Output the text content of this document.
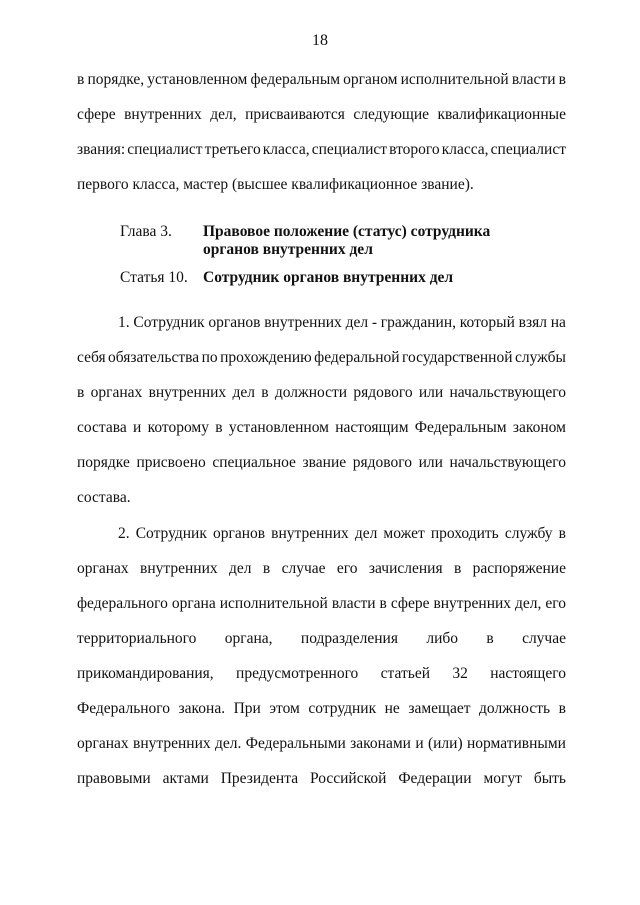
18
в порядке, установленном федеральным органом исполнительной власти в
сфере внутренних дел, присваиваются следующие квалификационные
звания: специалист третьего класса, специалист второго класса, специалист
первого класса, мастер (высшее квалификационное звание).
Глава 3. Правовое положение (статус) сотрудника
органов внутренних дел
Статья 10. Сотрудник органов внутренних дел
1. Сотрудник органов внутренних дел - гражданин, который взял на
себя обязательства по прохождению федеральной государственной службы
в органах внутренних дел в должности рядового или начальствующего
состава и которому в установленном настоящим Федеральным законом
порядке присвоено специальное звание рядового или начальствующего
состава.
2. Сотрудник органов внутренних дел может проходить службу в
органах внутренних дел в случае его зачисления в распоряжение
федерального органа исполнительной власти в сфере внутренних дел, его
территориального органа, подразделения либо в случае
прикомандирования, предусмотренного статьей 32 настоящего
Федерального закона. При этом сотрудник не замещает должность в
органах внутренних дел. Федеральными законами и (или) нормативными
правовыми актами Президента Российской Федерации могут быть
